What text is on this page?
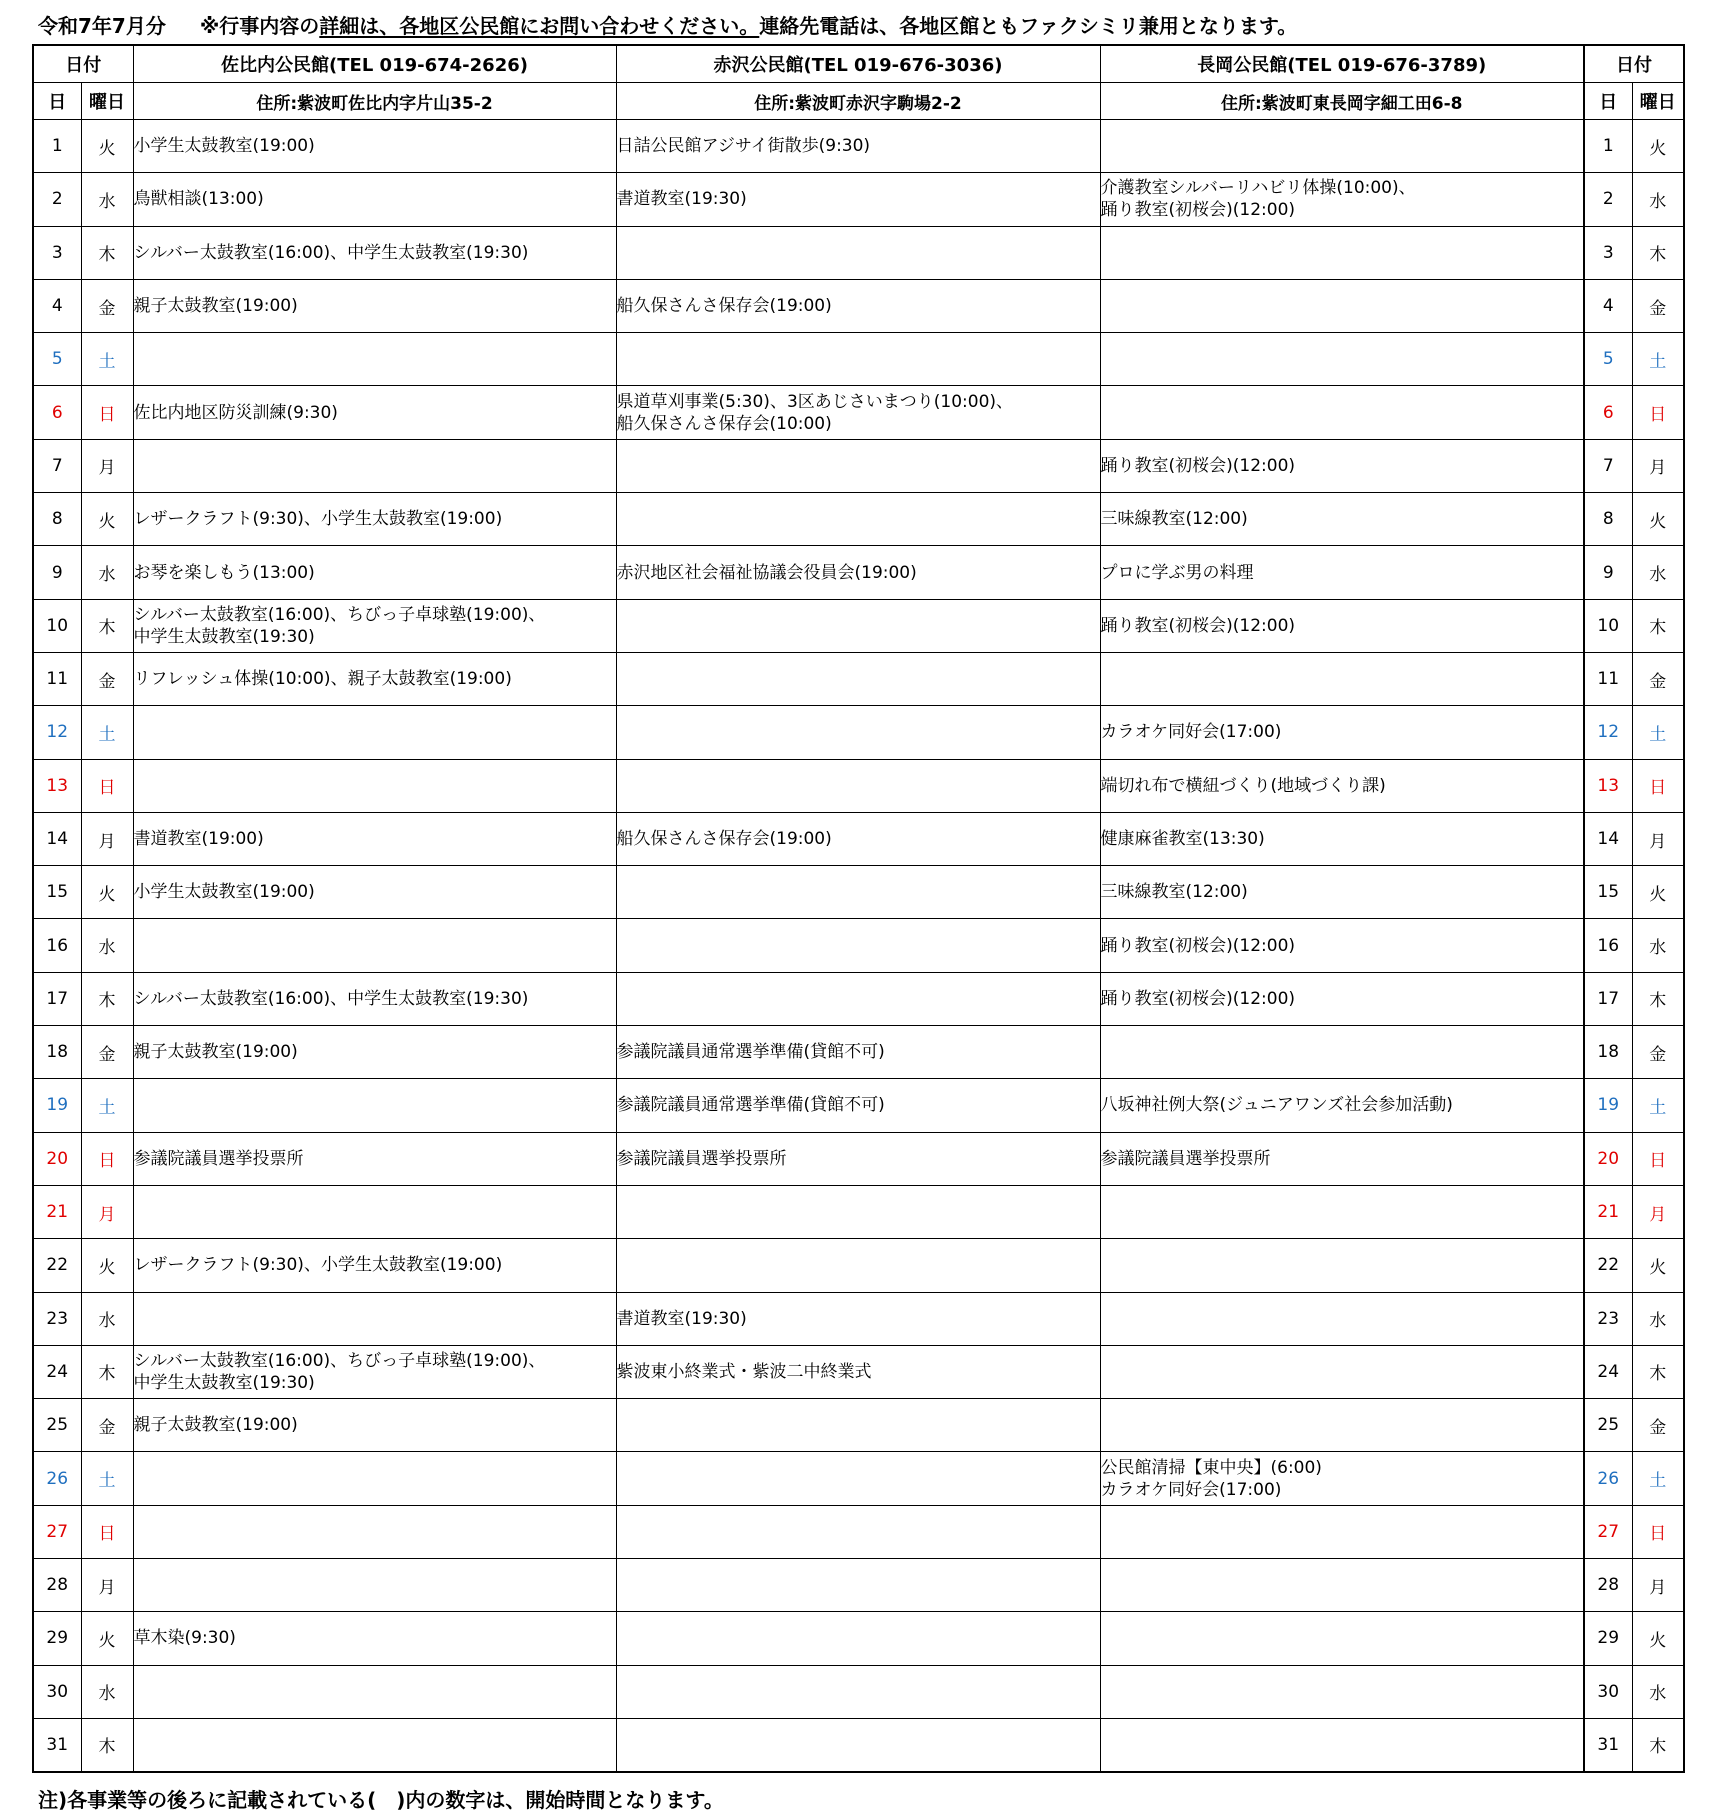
令和7年7月分 ※行事内容の詳細は、各地区公民館にお問い合わせください。連絡先電話は、各地区館ともファクシミリ兼用となります。
日付		佐比内公民館(TEL 019-674-2626)	赤沢公民館(TEL 019-676-3036)	長岡公民館(TEL 019-676-3789)	日付	
日	曜日	住所:紫波町佐比内字片山35-2	住所:紫波町赤沢字駒場2-2	住所:紫波町東長岡字細工田6-8	日	曜日
1	火	小学生太鼓教室(19:00)	日詰公民館アジサイ街散歩(9:30)		1	火
2	水	鳥獣相談(13:00)	書道教室(19:30)	介護教室シルバーリハビリ体操(10:00)、
踊り教室(初桜会)(12:00)	2	水
3	木	シルバー太鼓教室(16:00)、中学生太鼓教室(19:30)			3	木
4	金	親子太鼓教室(19:00)	船久保さんさ保存会(19:00)		4	金
5	土				5	土
6	日	佐比内地区防災訓練(9:30)	県道草刈事業(5:30)、3区あじさいまつり(10:00)、
船久保さんさ保存会(10:00)		6	日
7	月			踊り教室(初桜会)(12:00)	7	月
8	火	レザークラフト(9:30)、小学生太鼓教室(19:00)		三味線教室(12:00)	8	火
9	水	お琴を楽しもう(13:00)	赤沢地区社会福祉協議会役員会(19:00)	プロに学ぶ男の料理	9	水
10	木	シルバー太鼓教室(16:00)、ちびっ子卓球塾(19:00)、
中学生太鼓教室(19:30)		踊り教室(初桜会)(12:00)	10	木
11	金	リフレッシュ体操(10:00)、親子太鼓教室(19:00)			11	金
12	土			カラオケ同好会(17:00)	12	土
13	日			端切れ布で横紐づくり(地域づくり課)	13	日
14	月	書道教室(19:00)	船久保さんさ保存会(19:00)	健康麻雀教室(13:30)	14	月
15	火	小学生太鼓教室(19:00)		三味線教室(12:00)	15	火
16	水			踊り教室(初桜会)(12:00)	16	水
17	木	シルバー太鼓教室(16:00)、中学生太鼓教室(19:30)		踊り教室(初桜会)(12:00)	17	木
18	金	親子太鼓教室(19:00)	参議院議員通常選挙準備(貸館不可)		18	金
19	土		参議院議員通常選挙準備(貸館不可)	八坂神社例大祭(ジュニアワンズ社会参加活動)	19	土
20	日	参議院議員選挙投票所	参議院議員選挙投票所	参議院議員選挙投票所	20	日
21	月				21	月
22	火	レザークラフト(9:30)、小学生太鼓教室(19:00)			22	火
23	水		書道教室(19:30)		23	水
24	木	シルバー太鼓教室(16:00)、ちびっ子卓球塾(19:00)、
中学生太鼓教室(19:30)	紫波東小終業式・紫波二中終業式		24	木
25	金	親子太鼓教室(19:00)			25	金
26	土			公民館清掃【東中央】(6:00)
カラオケ同好会(17:00)	26	土
27	日				27	日
28	月				28	月
29	火	草木染(9:30)			29	火
30	水				30	水
31	木				31	木
注)各事業等の後ろに記載されている(　)内の数字は、開始時間となります。
